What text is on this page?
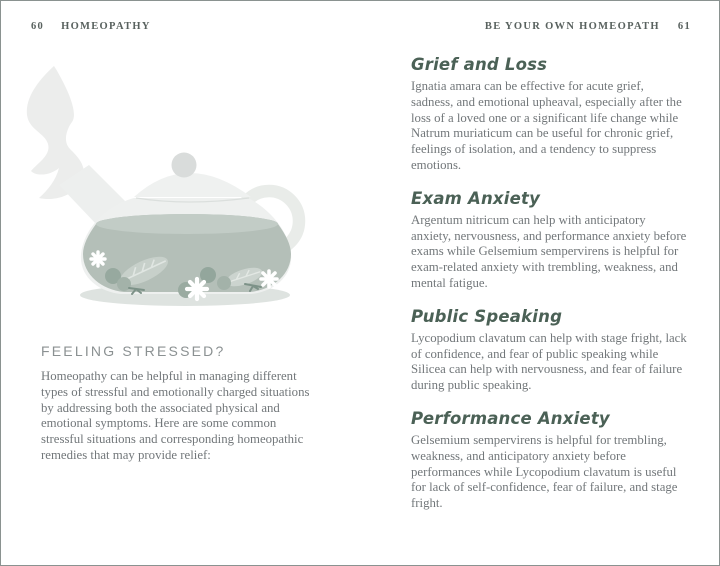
60 HOMEOPATHY	BE YOUR OWN HOMEOPATH 61
FEELING STRESSED?

Homeopathy can be helpful in managing different types of stressful and emotionally charged situations by addressing both the associated physical and emotional symptoms. Here are some common stressful situations and corresponding homeopathic remedies that may provide relief:

Grief and Loss

Ignatia amara can be effective for acute grief, sadness, and emotional upheaval, especially after the loss of a loved one or a significant life change while Natrum muriaticum can be useful for chronic grief, feelings of isolation, and a tendency to suppress emotions.

Exam Anxiety

Argentum nitricum can help with anticipatory anxiety, nervousness, and performance anxiety before exams while Gelsemium sempervirens is helpful for exam-related anxiety with trembling, weakness, and mental fatigue.

Public Speaking

Lycopodium clavatum can help with stage fright, lack of confidence, and fear of public speaking while Silicea can help with nervousness, and fear of failure during public speaking.

Performance Anxiety

Gelsemium sempervirens is helpful for trembling, weakness, and anticipatory anxiety before performances while Lycopodium clavatum is useful for lack of self-confidence, fear of failure, and stage fright.
